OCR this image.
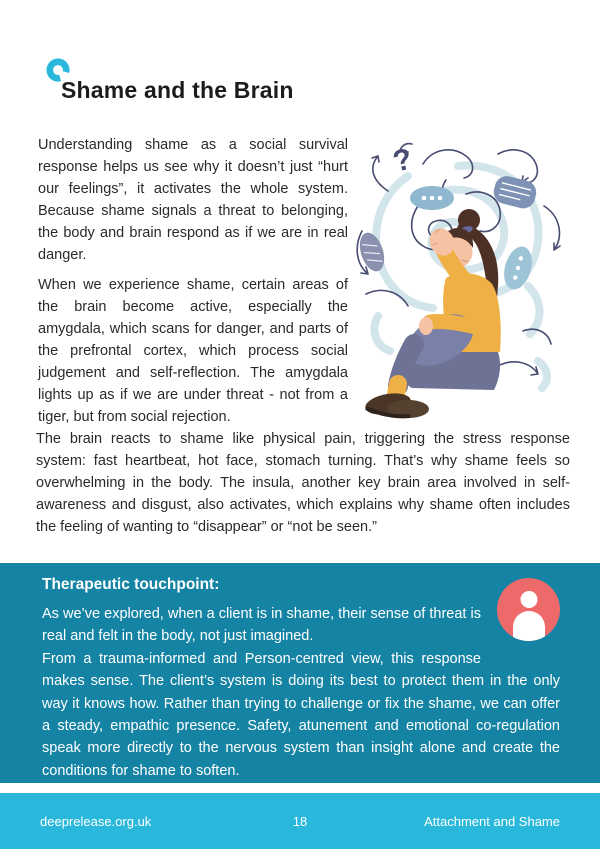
Shame and the Brain

Understanding shame as a social survival response helps us see why it doesn’t just “hurt our feelings”, it activates the whole system. Because shame signals a threat to belonging, the body and brain respond as if we are in real danger.

When we experience shame, certain areas of the brain become active, especially the amygdala, which scans for danger, and parts of the prefrontal cortex, which process social judgement and self-reflection. The amygdala lights up as if we are under threat - not from a tiger, but from social rejection.

?

The brain reacts to shame like physical pain, triggering the stress response system: fast heartbeat, hot face, stomach turning. That’s why shame feels so overwhelming in the body. The insula, another key brain area involved in self-awareness and disgust, also activates, which explains why shame often includes the feeling of wanting to “disappear” or “not be seen.”

Therapeutic touchpoint:

As we’ve explored, when a client is in shame, their sense of threat is real and felt in the body, not just imagined.

From a trauma-informed and Person-centred view, this response makes sense. The client’s system is doing its best to protect them in the only way it knows how. Rather than trying to challenge or fix the shame, we can offer a steady, empathic presence. Safety, atunement and emotional co-regulation speak more directly to the nervous system than insight alone and create the conditions for shame to soften.

deeprelease.org.uk	18	Attachment and Shame
